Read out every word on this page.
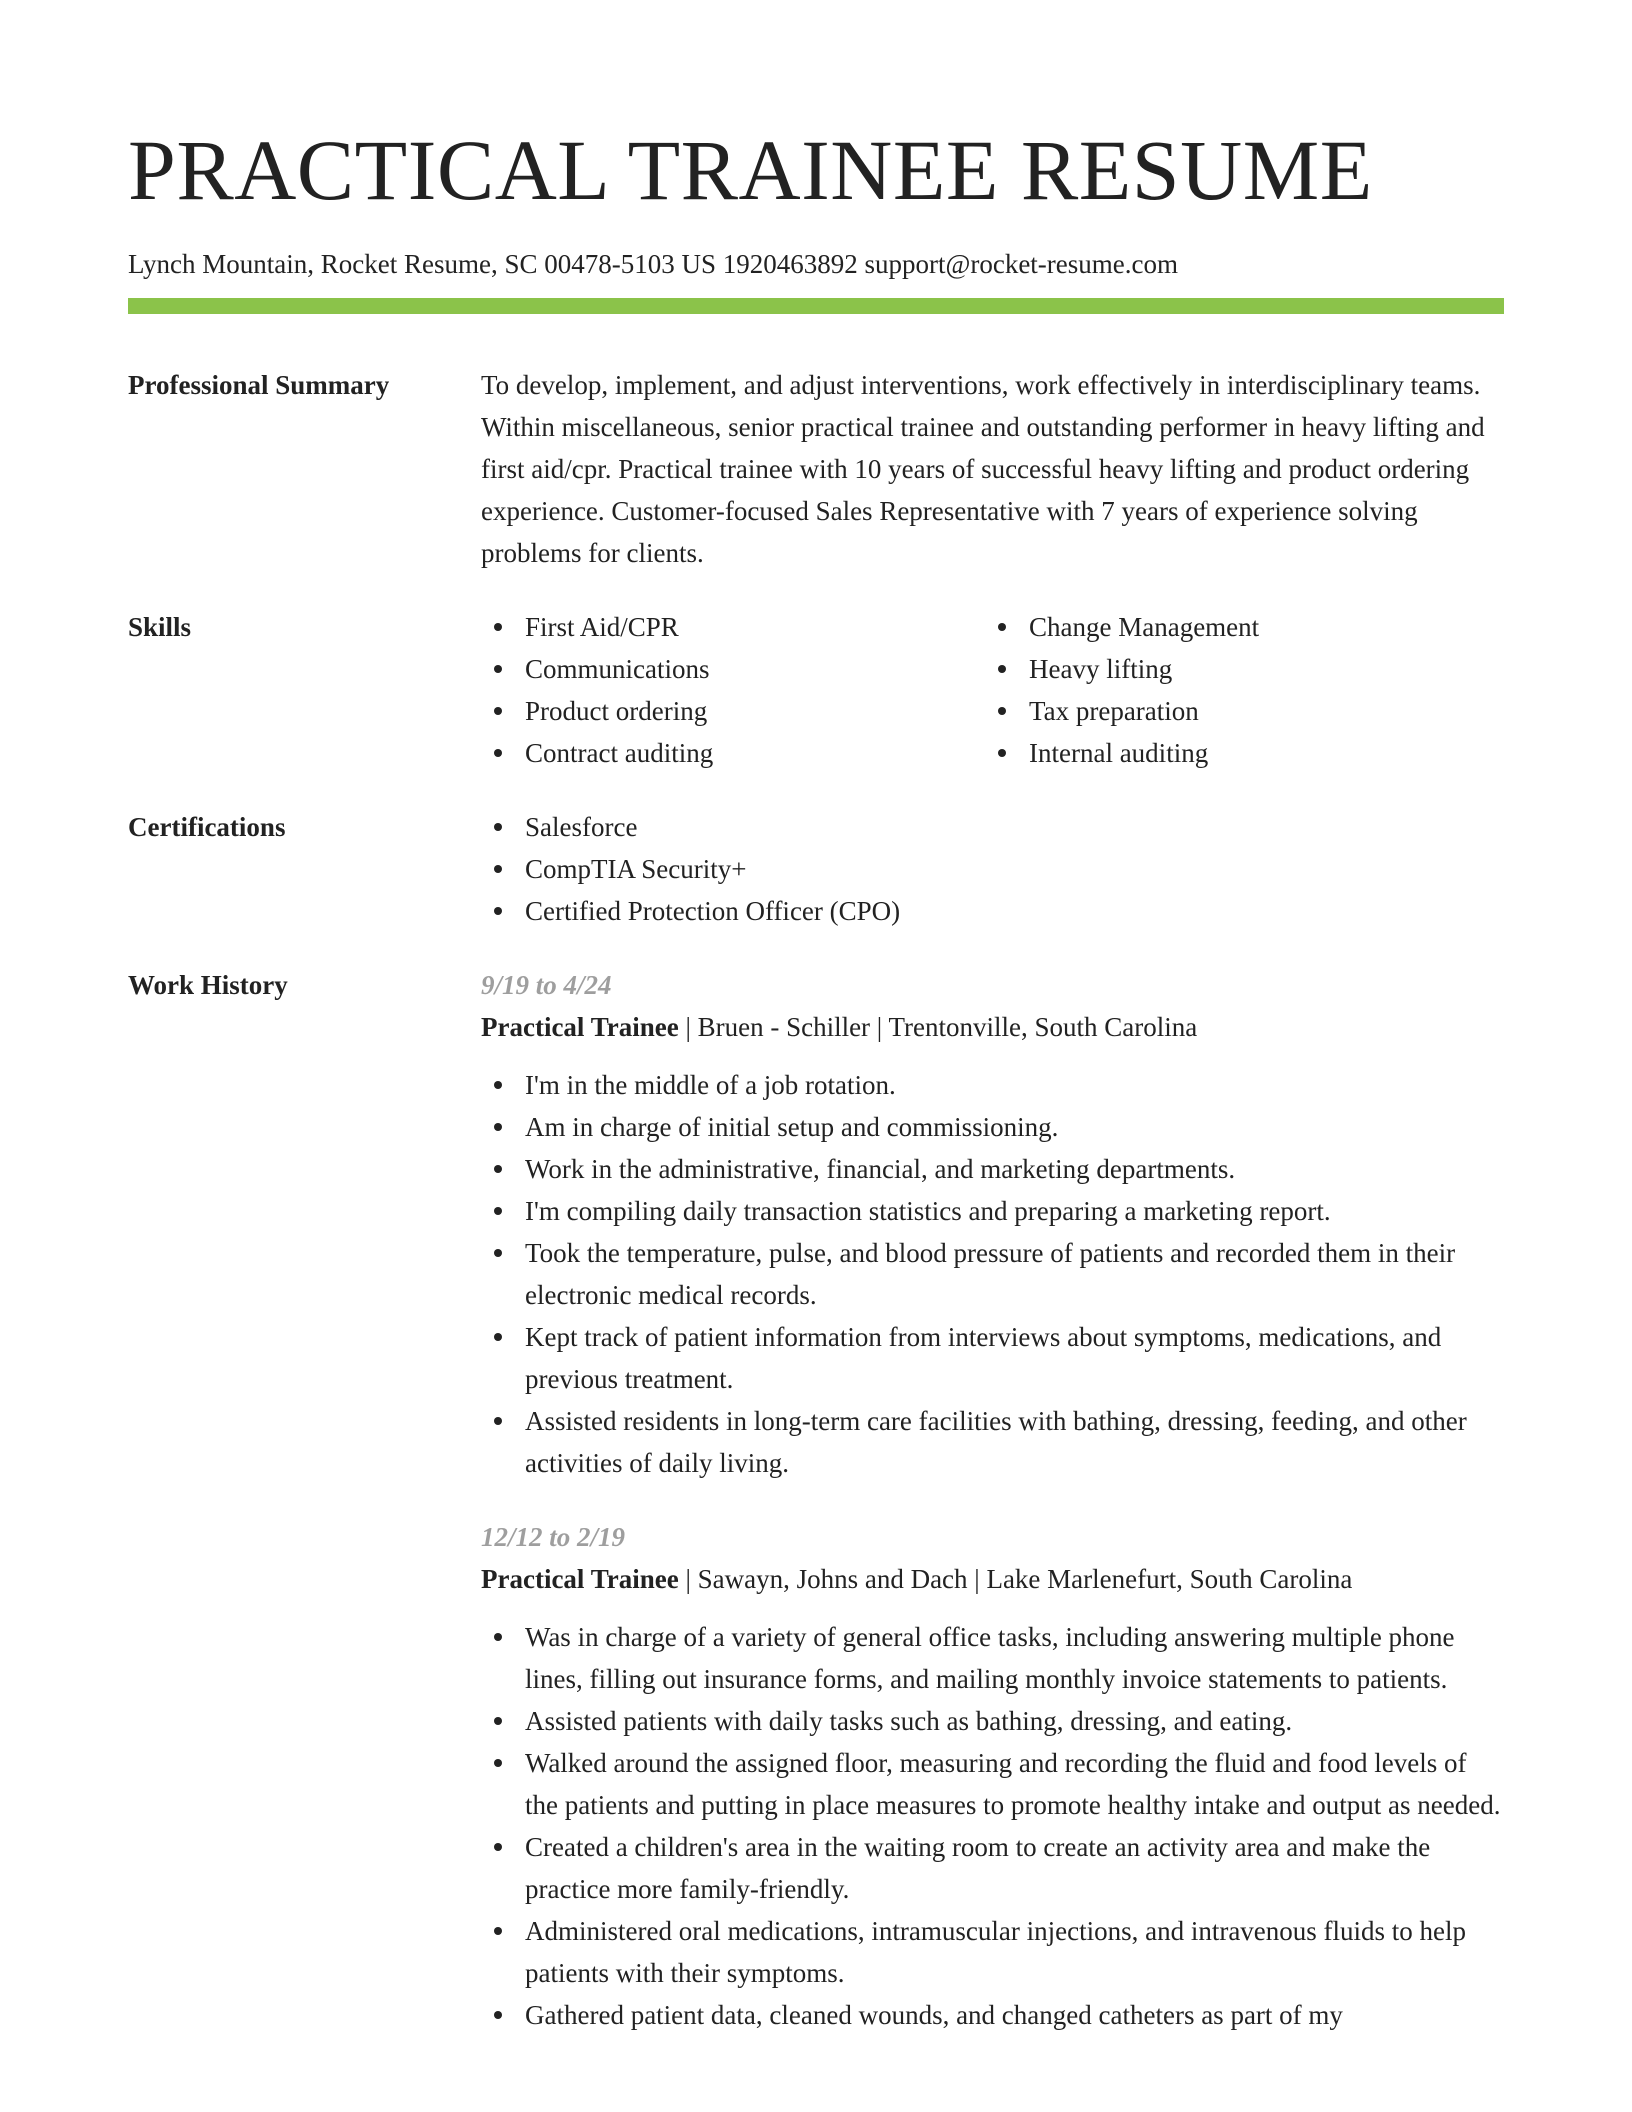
PRACTICAL TRAINEE RESUME
Lynch Mountain, Rocket Resume, SC 00478-5103 US 1920463892 support@rocket-resume.com
Professional Summary	To develop, implement, and adjust interventions, work effectively in interdisciplinary teams. Within miscellaneous, senior practical trainee and outstanding performer in heavy lifting and first aid/cpr. Practical trainee with 10 years of successful heavy lifting and product ordering experience. Customer-focused Sales Representative with 7 years of experience solving problems for clients.

Skills	First Aid/CPR
Communications
Product ordering
Contract auditing
Change Management
Heavy lifting
Tax preparation
Internal auditing
Certifications	Salesforce
CompTIA Security+
Certified Protection Officer (CPO)
Work History	9/19 to 4/24
Practical Trainee | Bruen - Schiller | Trentonville, South Carolina
I'm in the middle of a job rotation.
Am in charge of initial setup and commissioning.
Work in the administrative, financial, and marketing departments.
I'm compiling daily transaction statistics and preparing a marketing report.
Took the temperature, pulse, and blood pressure of patients and recorded them in their electronic medical records.
Kept track of patient information from interviews about symptoms, medications, and previous treatment.
Assisted residents in long-term care facilities with bathing, dressing, feeding, and other activities of daily living.
12/12 to 2/19
Practical Trainee | Sawayn, Johns and Dach | Lake Marlenefurt, South Carolina
Was in charge of a variety of general office tasks, including answering multiple phone lines, filling out insurance forms, and mailing monthly invoice statements to patients.
Assisted patients with daily tasks such as bathing, dressing, and eating.
Walked around the assigned floor, measuring and recording the fluid and food levels of the patients and putting in place measures to promote healthy intake and output as needed.
Created a children's area in the waiting room to create an activity area and make the practice more family-friendly.
Administered oral medications, intramuscular injections, and intravenous fluids to help patients with their symptoms.
Gathered patient data, cleaned wounds, and changed catheters as part of my
